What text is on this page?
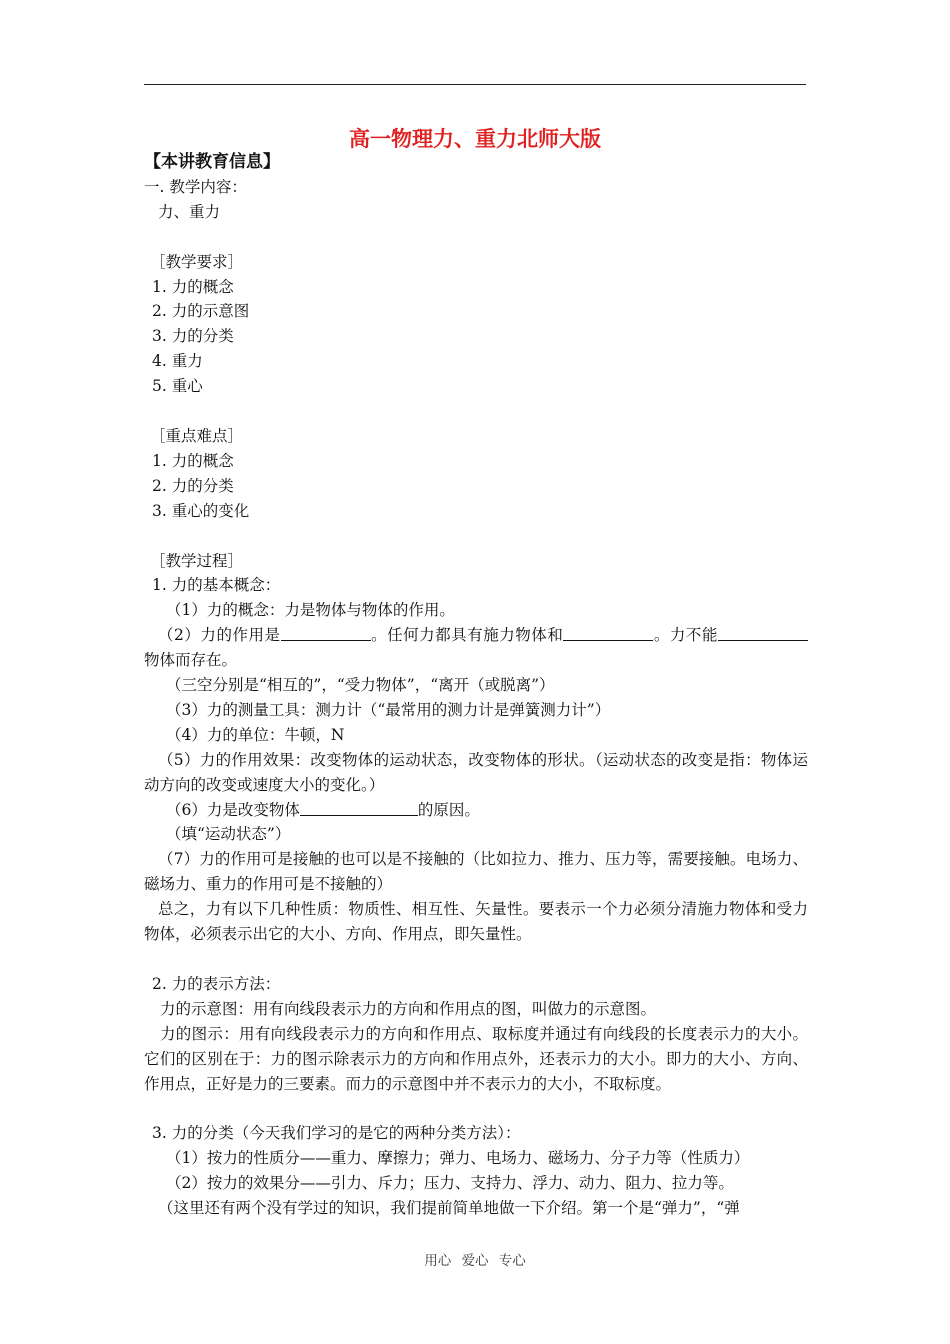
高一物理力、重力北师大版
【本讲教育信息】
一. 教学内容：
力、重力

［教学要求］
1. 力的概念
2. 力的示意图
3. 力的分类
4. 重力
5. 重心

［重点难点］
1. 力的概念
2. 力的分类
3. 重心的变化

［教学过程］
1. 力的基本概念：
（1）力的概念：力是物体与物体的作用。
（2）力的作用是	。任何力都具有施力物体和	。力不能物体而存在。
（三空分别是“相互的”，“受力物体”，“离开（或脱离”）
（3）力的测量工具：测力计（“最常用的测力计是弹簧测力计”）
（4）力的单位：牛顿，N
（5）力的作用效果：改变物体的运动状态，改变物体的形状。（运动状态的改变是指：物体运动方向的改变或速度大小的变化。）
（6）力是改变物体	的原因。
（填“运动状态”）
（7）力的作用可是接触的也可以是不接触的（比如拉力、推力、压力等，需要接触。电场力、磁场力、重力的作用可是不接触的）
总之，力有以下几种性质：物质性、相互性、矢量性。要表示一个力必须分清施力物体和受力物体，必须表示出它的大小、方向、作用点，即矢量性。

2. 力的表示方法：
力的示意图：用有向线段表示力的方向和作用点的图，叫做力的示意图。
力的图示：用有向线段表示力的方向和作用点、取标度并通过有向线段的长度表示力的大小。它们的区别在于：力的图示除表示力的方向和作用点外，还表示力的大小。即力的大小、方向、作用点，正好是力的三要素。而力的示意图中并不表示力的大小，不取标度。

3. 力的分类（今天我们学习的是它的两种分类方法）：
（1）按力的性质分——重力、摩擦力；弹力、电场力、磁场力、分子力等（性质力）
（2）按力的效果分——引力、斥力；压力、支持力、浮力、动力、阻力、拉力等。
（这里还有两个没有学过的知识，我们提前简单地做一下介绍。第一个是“弹力”，“弹
用心 爱心 专心
